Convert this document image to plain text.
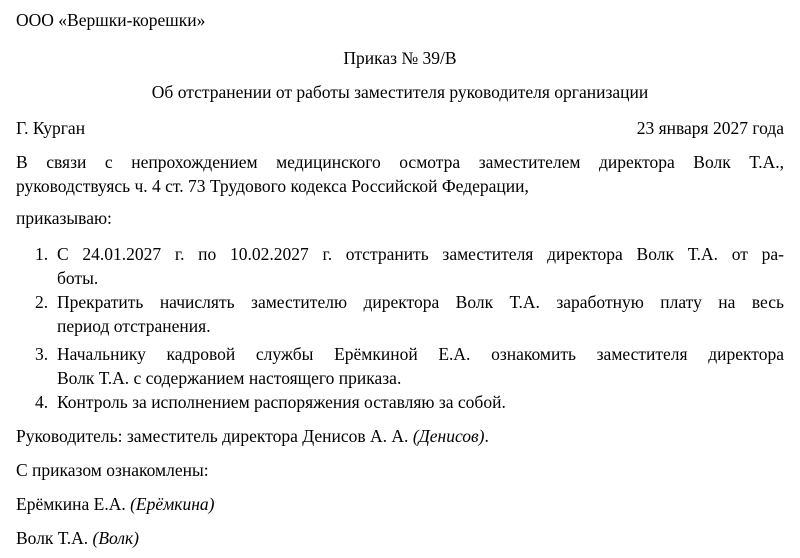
ООО «Вершки-корешки»
Приказ № 39/В
Об отстранении от работы заместителя руководителя организации
Г. Курган	23 января 2027 года
В связи с непрохождением медицинского осмотра заместителем директора Волк Т.А.,
руководствуясь ч. 4 ст. 73 Трудового кодекса Российской Федерации,
приказываю:
1. С 24.01.2027 г. по 10.02.2027 г. отстранить заместителя директора Волк Т.А. от ра-
боты.
2. Прекратить начислять заместителю директора Волк Т.А. заработную плату на весь
период отстранения.
3. Начальнику кадровой службы Ерёмкиной Е.А. ознакомить заместителя директора
Волк Т.А. с содержанием настоящего приказа.
4. Контроль за исполнением распоряжения оставляю за собой.
Руководитель: заместитель директора Денисов А. А. (Денисов).
С приказом ознакомлены:
Ерёмкина Е.А. (Ерёмкина)
Волк Т.А. (Волк)
